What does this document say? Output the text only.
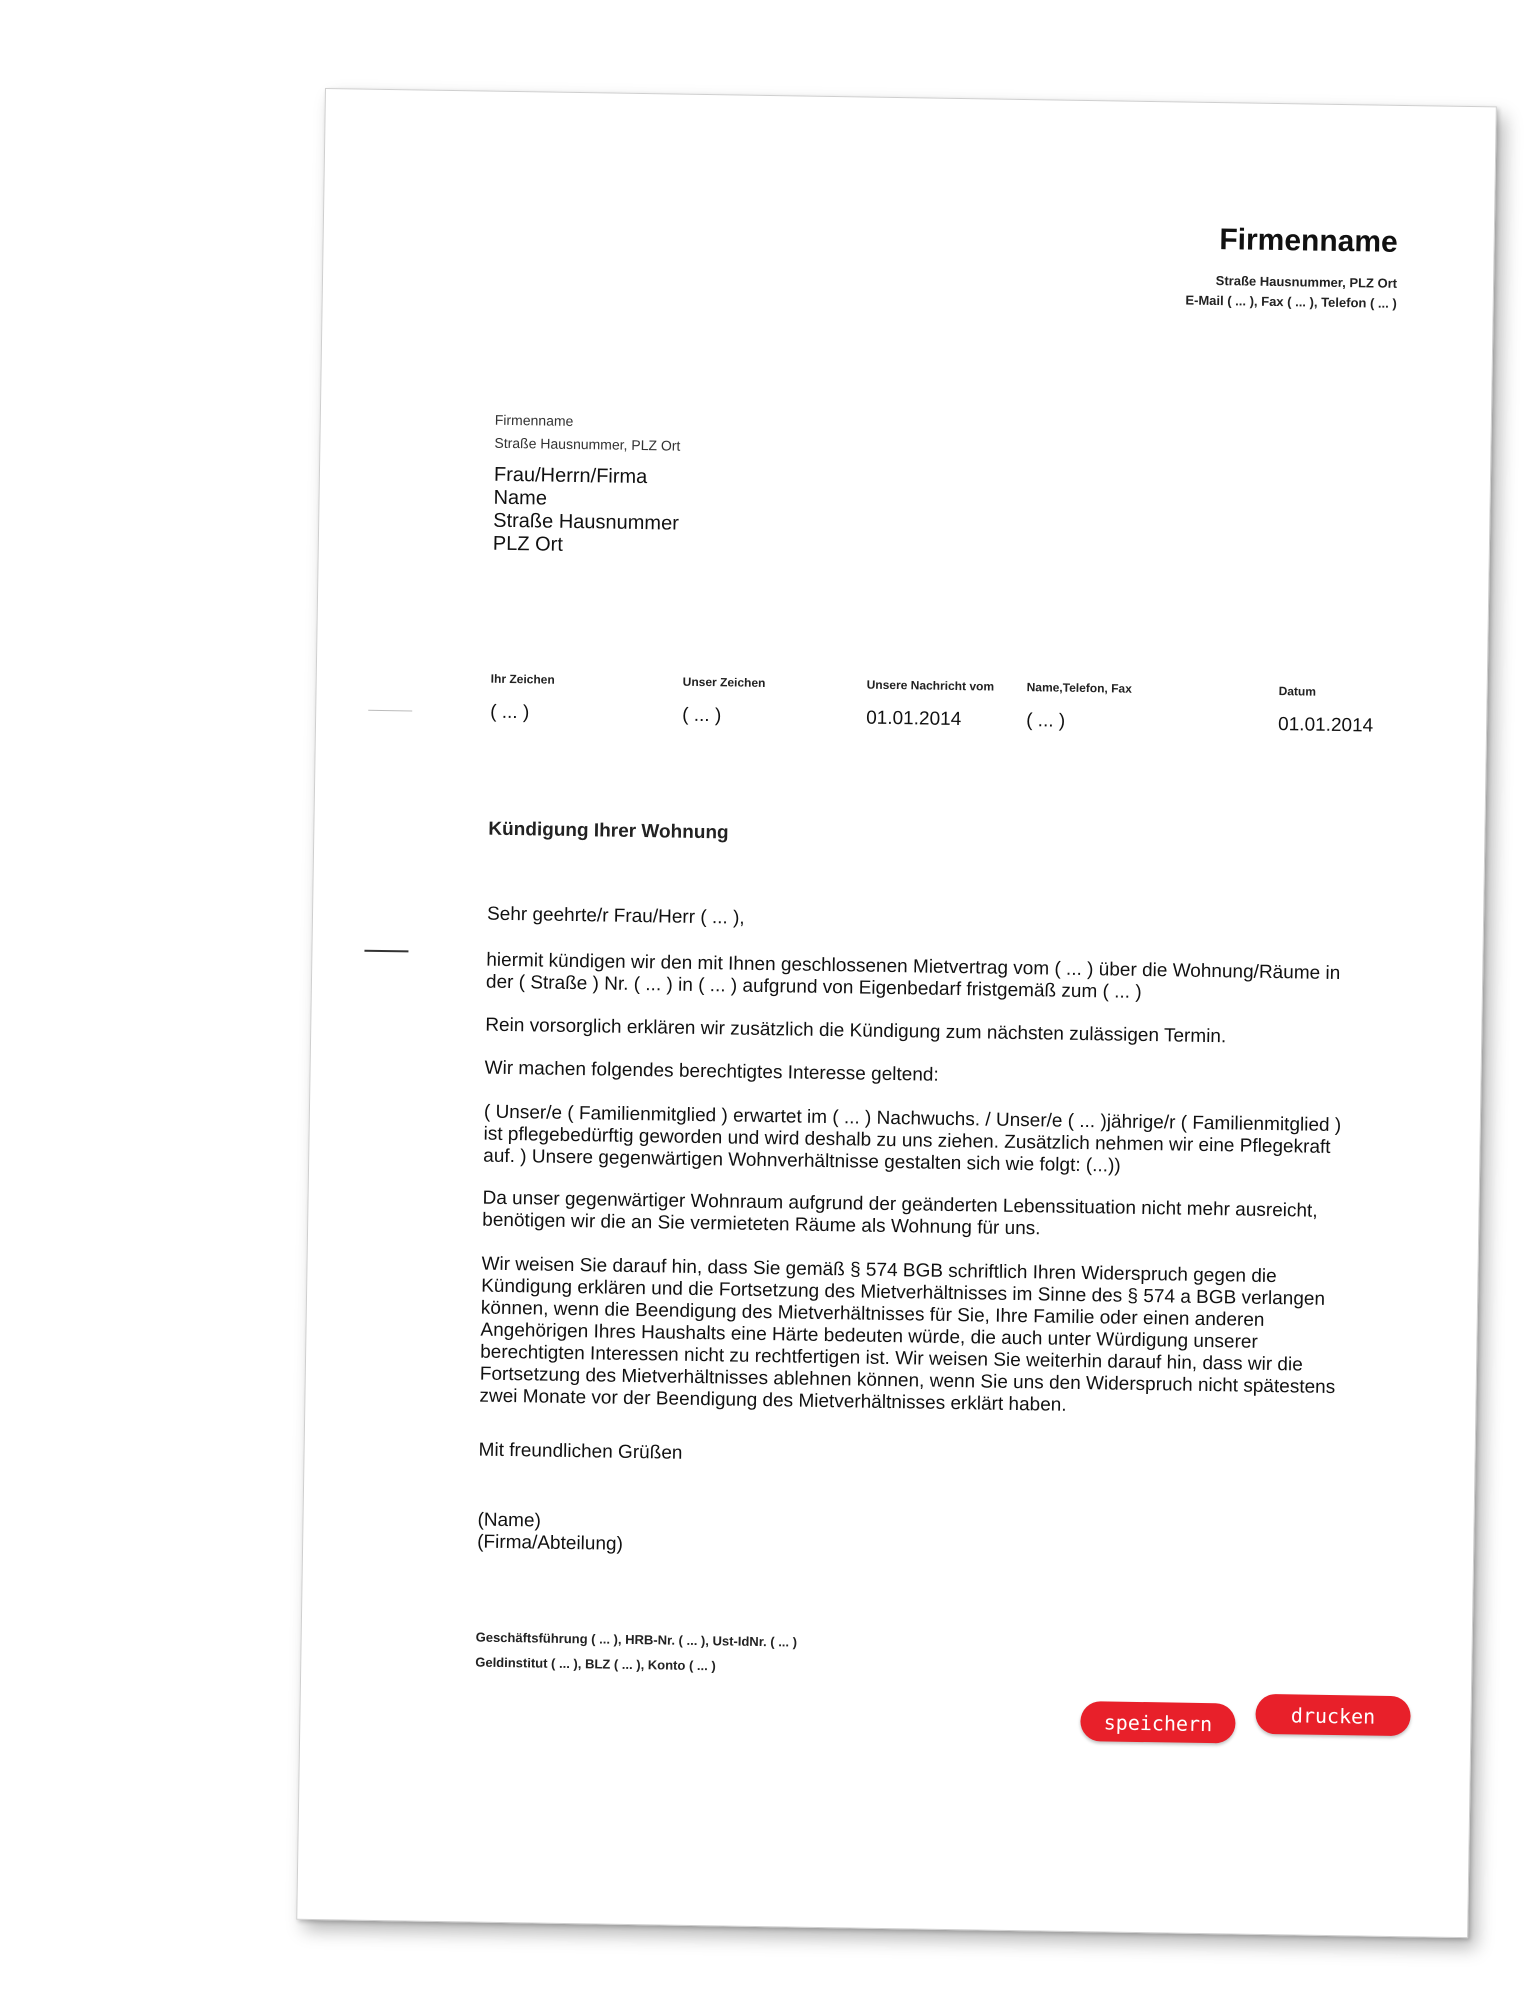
Firmenname
Straße Hausnummer, PLZ Ort
E-Mail ( ... ), Fax ( ... ), Telefon ( ... )
Firmenname
Straße Hausnummer, PLZ Ort
Frau/Herrn/Firma
Name
Straße Hausnummer
PLZ Ort
Ihr Zeichen
( ... )
Unser Zeichen
( ... )
Unsere Nachricht vom
01.01.2014
Name,Telefon, Fax
( ... )
Datum
01.01.2014
Kündigung Ihrer Wohnung
Sehr geehrte/r Frau/Herr ( ... ),
hiermit kündigen wir den mit Ihnen geschlossenen Mietvertrag vom ( ... ) über die Wohnung/Räume in der ( Straße ) Nr. ( ... ) in ( ... ) aufgrund von Eigenbedarf fristgemäß zum ( ... )
Rein vorsorglich erklären wir zusätzlich die Kündigung zum nächsten zulässigen Termin.
Wir machen folgendes berechtigtes Interesse geltend:
( Unser/e ( Familienmitglied ) erwartet im ( ... ) Nachwuchs. / Unser/e ( ... )jährige/r ( Familienmitglied ) ist pflegebedürftig geworden und wird deshalb zu uns ziehen. Zusätzlich nehmen wir eine Pflegekraft auf. ) Unsere gegenwärtigen Wohnverhältnisse gestalten sich wie folgt: (...))
Da unser gegenwärtiger Wohnraum aufgrund der geänderten Lebenssituation nicht mehr ausreicht, benötigen wir die an Sie vermieteten Räume als Wohnung für uns.
Wir weisen Sie darauf hin, dass Sie gemäß § 574 BGB schriftlich Ihren Widerspruch gegen die Kündigung erklären und die Fortsetzung des Mietverhältnisses im Sinne des § 574 a BGB verlangen können, wenn die Beendigung des Mietverhältnisses für Sie, Ihre Familie oder einen anderen Angehörigen Ihres Haushalts eine Härte bedeuten würde, die auch unter Würdigung unserer berechtigten Interessen nicht zu rechtfertigen ist. Wir weisen Sie weiterhin darauf hin, dass wir die Fortsetzung des Mietverhältnisses ablehnen können, wenn Sie uns den Widerspruch nicht spätestens zwei Monate vor der Beendigung des Mietverhältnisses erklärt haben.
Mit freundlichen Grüßen
(Name)
(Firma/Abteilung)
Geschäftsführung ( ... ), HRB-Nr. ( ... ), Ust-IdNr. ( ... )
Geldinstitut ( ... ), BLZ ( ... ), Konto ( ... )
speichern	drucken
